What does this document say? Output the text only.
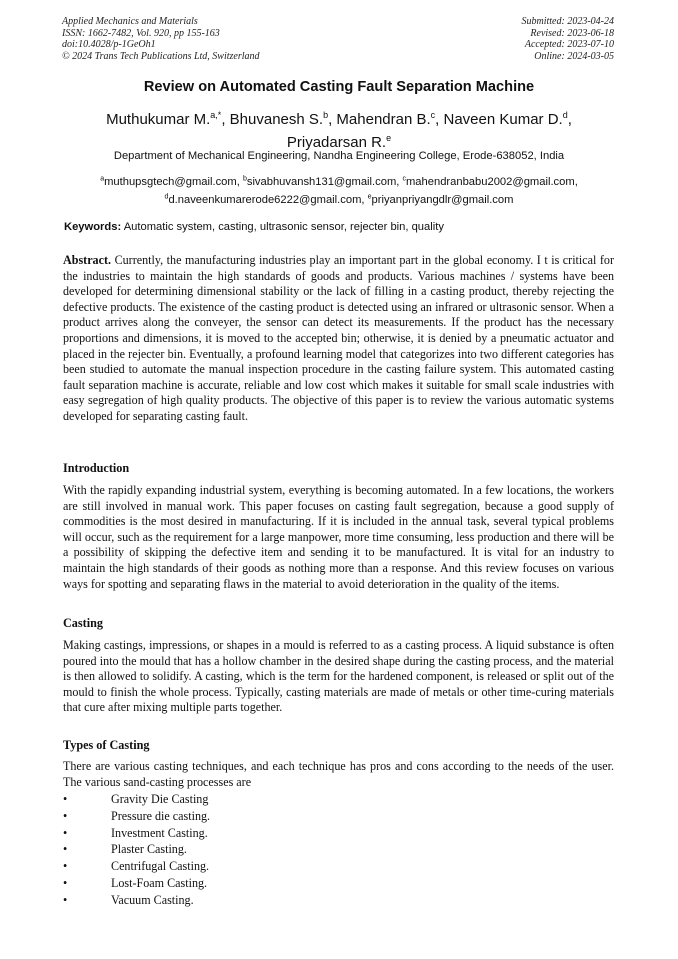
Applied Mechanics and Materials
ISSN: 1662-7482, Vol. 920, pp 155-163
doi:10.4028/p-1GeOh1
© 2024 Trans Tech Publications Ltd, Switzerland
Submitted: 2023-04-24
Revised: 2023-06-18
Accepted: 2023-07-10
Online: 2024-03-05
Review on Automated Casting Fault Separation Machine
Muthukumar M.$^{a,*}$, Bhuvanesh S.$^b$, Mahendran B.$^c$, Naveen Kumar D.$^d$,
Priyadarsan R.$^e$
Department of Mechanical Engineering, Nandha Engineering College, Erode-638052, India
$^a$muthupsgtech@gmail.com, $^b$sivabhuvansh131@gmail.com, $^c$mahendranbabu2002@gmail.com,
$^d$d.naveenkumarerode6222@gmail.com, $^e$priyanpriyangdlr@gmail.com
Keywords: Automatic system, casting, ultrasonic sensor, rejecter bin, quality
Abstract. Currently, the manufacturing industries play an important part in the global economy. I t is critical for the industries to maintain the high standards of goods and products. Various machines / systems have been developed for determining dimensional stability or the lack of filling in a casting product, thereby rejecting the defective products. The existence of the casting product is detected using an infrared or ultrasonic sensor. When a product arrives along the conveyer, the sensor can detect its measurements. If the product has the necessary proportions and dimensions, it is moved to the accepted bin; otherwise, it is denied by a pneumatic actuator and placed in the rejecter bin. Eventually, a profound learning model that categorizes into two different categories has been studied to automate the manual inspection procedure in the casting failure system. This automated casting fault separation machine is accurate, reliable and low cost which makes it suitable for small scale industries with easy segregation of high quality products. The objective of this paper is to review the various automatic systems developed for separating casting fault.
Introduction
With the rapidly expanding industrial system, everything is becoming automated. In a few locations, the workers are still involved in manual work. This paper focuses on casting fault segregation, because a good supply of commodities is the most desired in manufacturing. If it is included in the annual task, several typical problems will occur, such as the requirement for a large manpower, more time consuming, less production and there will be a possibility of skipping the defective item and sending it to be manufactured. It is vital for an industry to maintain the high standards of their goods as nothing more than a response. And this review focuses on various ways for spotting and separating flaws in the material to avoid deterioration in the quality of the items.
Casting
Making castings, impressions, or shapes in a mould is referred to as a casting process. A liquid substance is often poured into the mould that has a hollow chamber in the desired shape during the casting process, and the material is then allowed to solidify. A casting, which is the term for the hardened component, is released or split out of the mould to finish the whole process. Typically, casting materials are made of metals or other time-curing materials that cure after mixing multiple parts together.
Types of Casting
There are various casting techniques, and each technique has pros and cons according to the needs of the user. The various sand-casting processes are
•	Gravity Die Casting
•	Pressure die casting.
•	Investment Casting.
•	Plaster Casting.
•	Centrifugal Casting.
•	Lost-Foam Casting.
•	Vacuum Casting.
